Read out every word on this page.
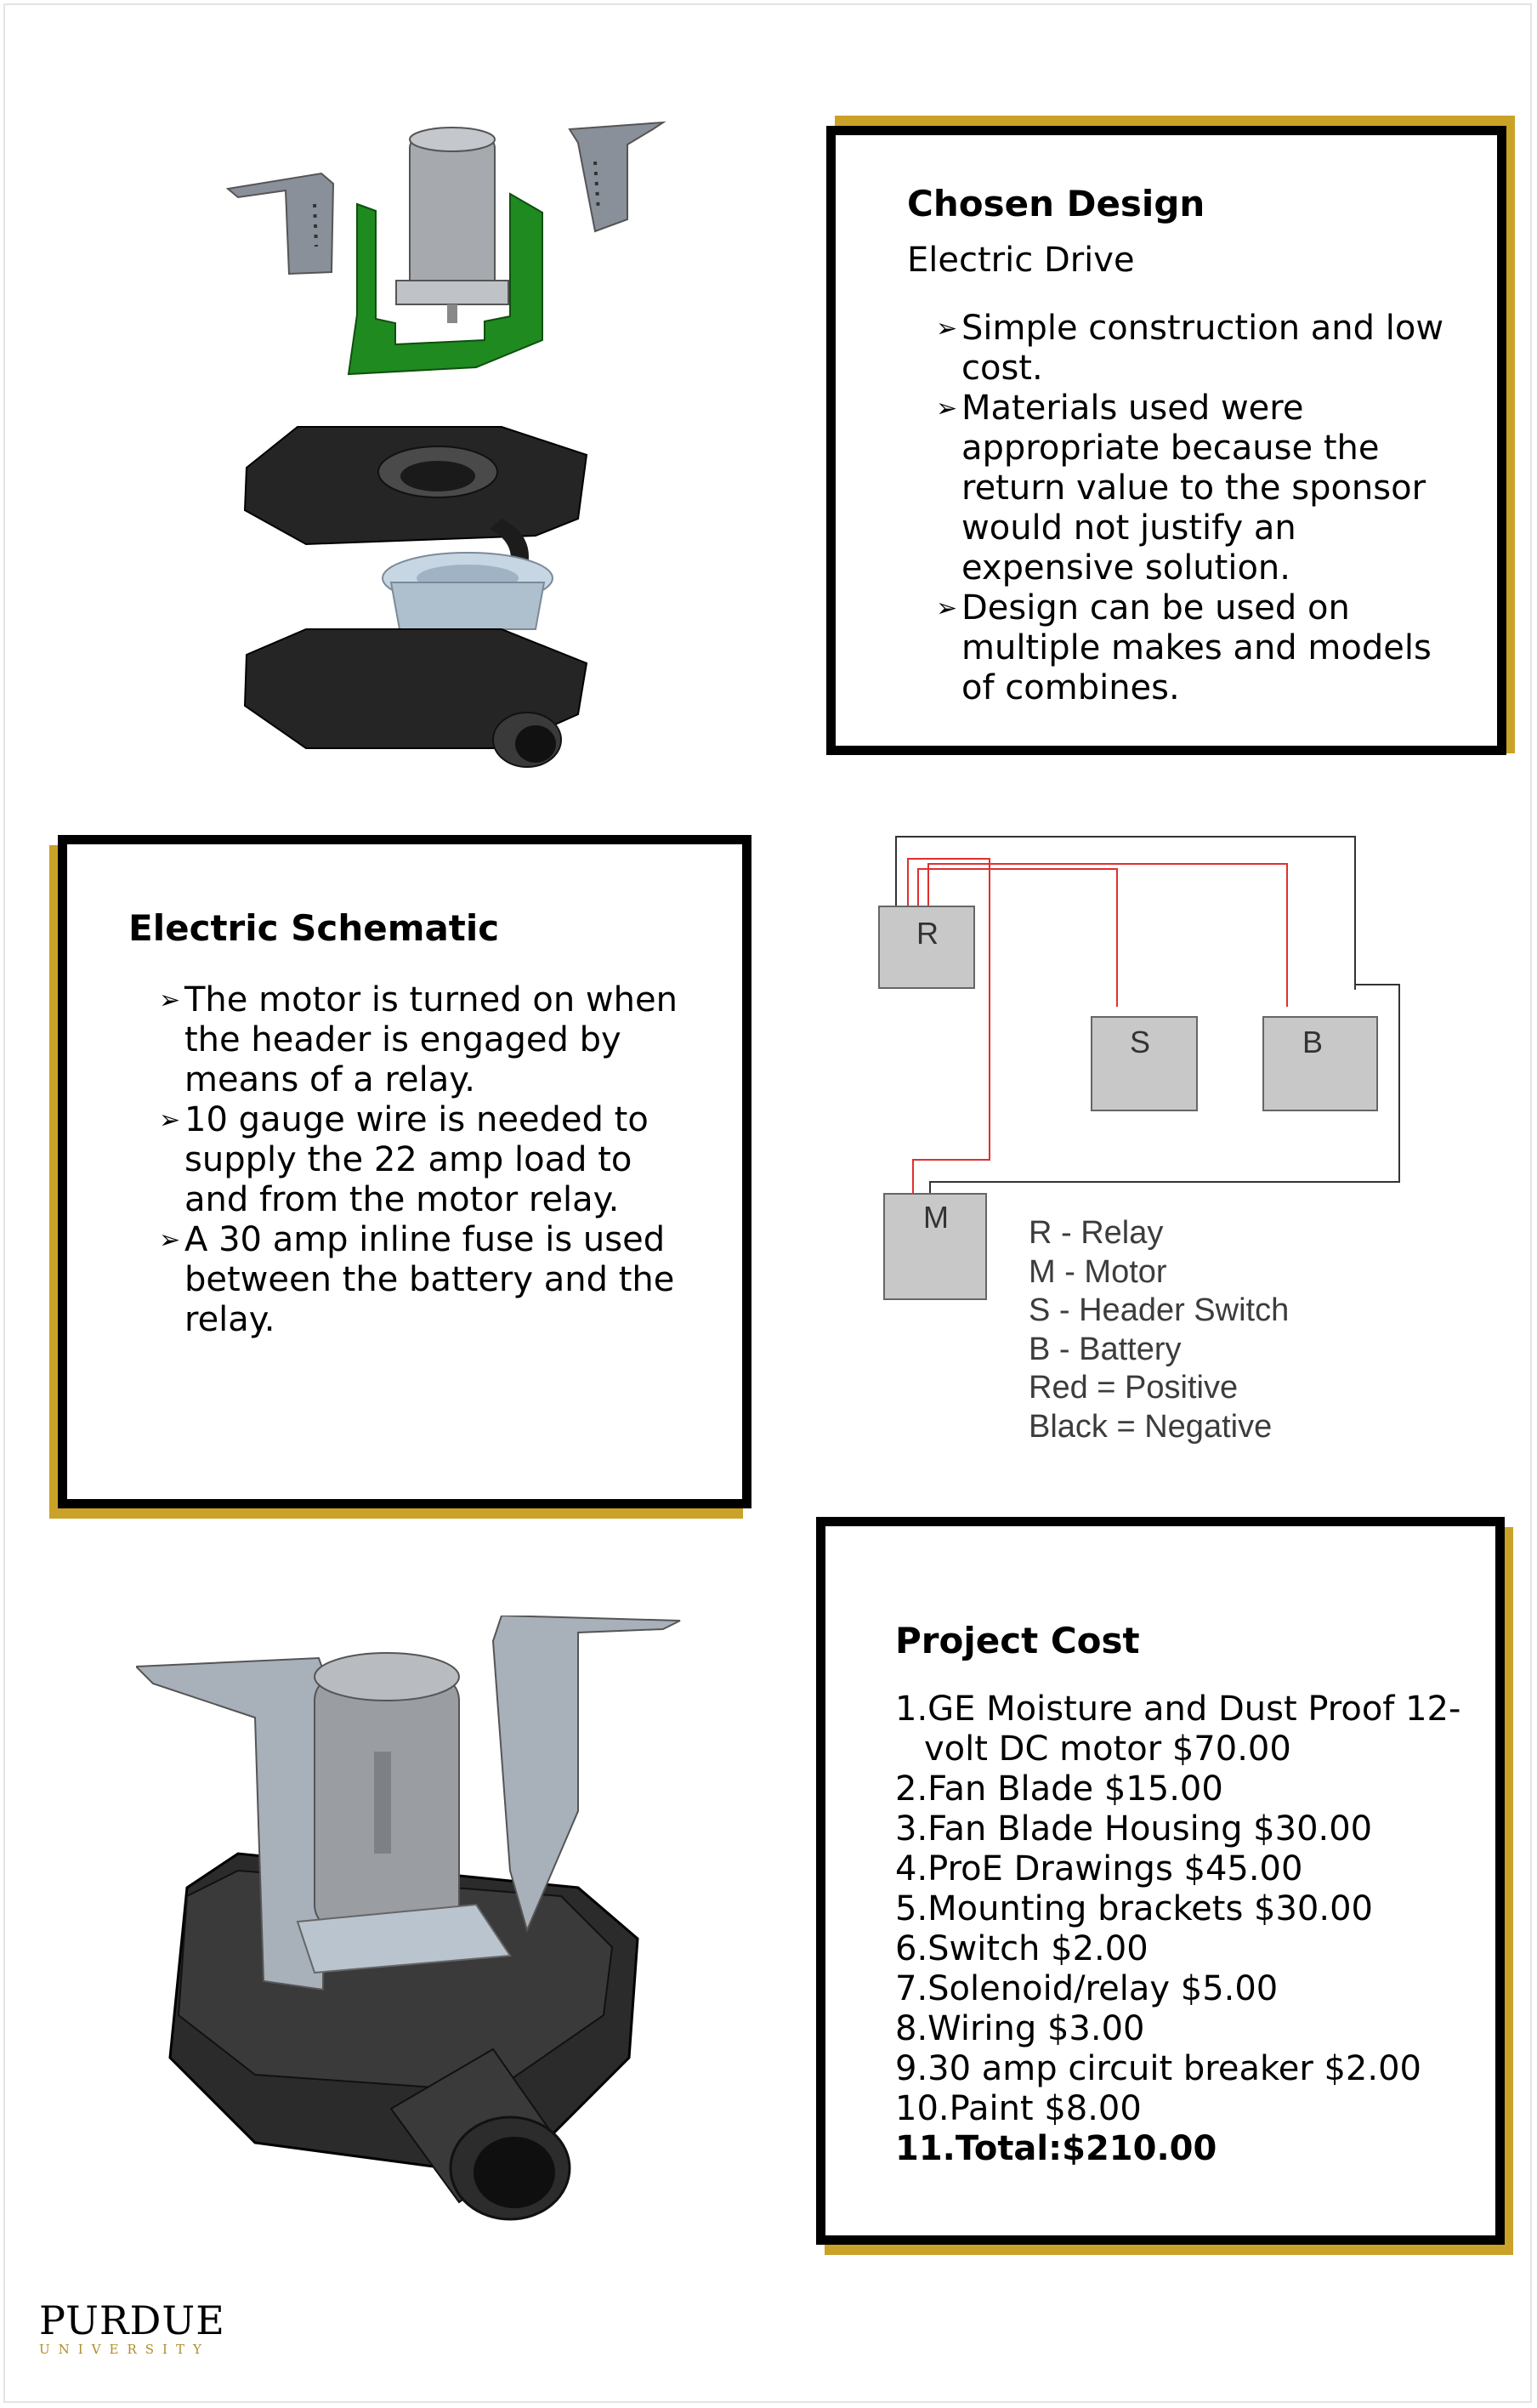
Chosen Design
Electric Drive
➢ Simple construction and low cost.
➢ Materials used were appropriate because the return value to the sponsor would not justify an expensive solution.
➢ Design can be used on multiple makes and models of combines.
Electric Schematic
➢ The motor is turned on when the header is engaged by means of a relay.
➢ 10 gauge wire is needed to supply the 22 amp load to and from the motor relay.
➢ A 30 amp inline fuse is used between the battery and the relay.
R
S	B
M R - Relay
M - Motor
S - Header Switch
B - Battery
Red = Positive
Black = Negative
Project Cost
1.GE Moisture and Dust Proof 12-
volt DC motor $70.00
2.Fan Blade $15.00
3.Fan Blade Housing $30.00
4.ProE Drawings $45.00
5.Mounting brackets $30.00
6.Switch $2.00
7.Solenoid/relay $5.00
8.Wiring $3.00
9.30 amp circuit breaker $2.00
10.Paint $8.00
11.Total:$210.00
PURDUE
UNIVERSITY
